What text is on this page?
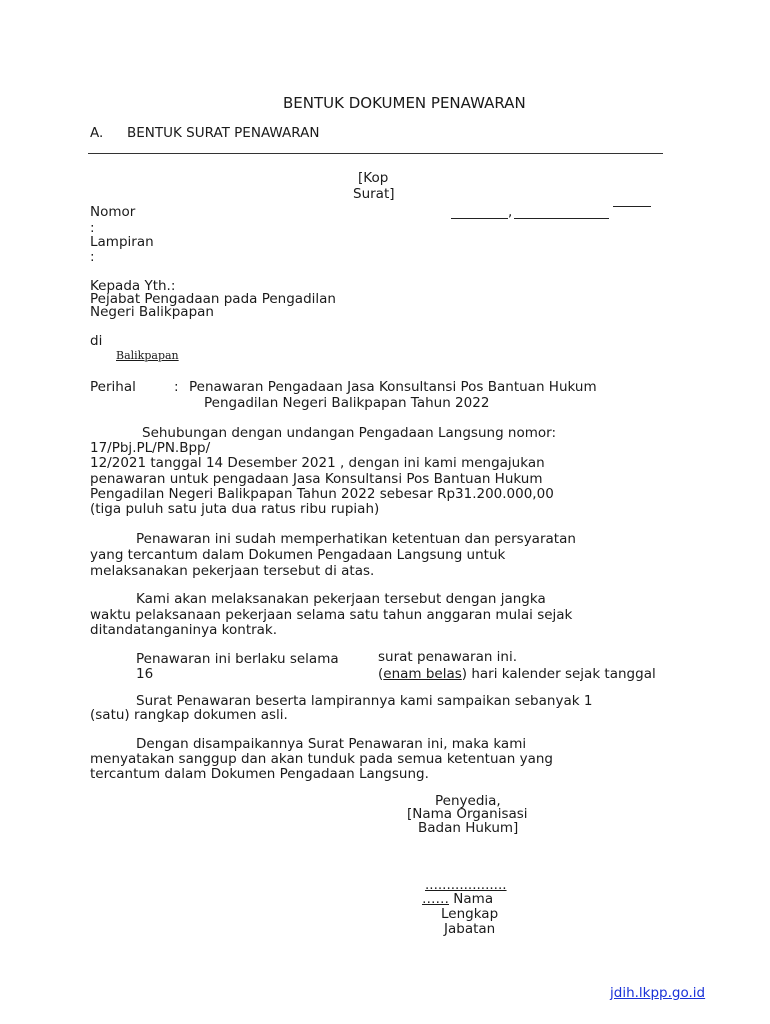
BENTUK DOKUMEN PENAWARAN
A. BENTUK SURAT PENAWARAN
[Kop
Surat]
,
Nomor
:
Lampiran
:
Kepada Yth.:
Pejabat Pengadaan pada Pengadilan
Negeri Balikpapan
di
Balikpapan
Perihal	: Penawaran Pengadaan Jasa Konsultansi Pos Bantuan Hukum
Pengadilan Negeri Balikpapan Tahun 2022
Sehubungan dengan undangan Pengadaan Langsung nomor:
17/Pbj.PL/PN.Bpp/
12/2021 tanggal 14 Desember 2021 , dengan ini kami mengajukan
penawaran untuk pengadaan Jasa Konsultansi Pos Bantuan Hukum
Pengadilan Negeri Balikpapan Tahun 2022 sebesar Rp31.200.000,00
(tiga puluh satu juta dua ratus ribu rupiah)
Penawaran ini sudah memperhatikan ketentuan dan persyaratan
yang tercantum dalam Dokumen Pengadaan Langsung untuk
melaksanakan pekerjaan tersebut di atas.
Kami akan melaksanakan pekerjaan tersebut dengan jangka
waktu pelaksanaan pekerjaan selama satu tahun anggaran mulai sejak
ditandatanganinya kontrak.
Penawaran ini berlaku selama
16
surat penawaran ini.
(enam belas) hari kalender sejak tanggal
Surat Penawaran beserta lampirannya kami sampaikan sebanyak 1
(satu) rangkap dokumen asli.
Dengan disampaikannya Surat Penawaran ini, maka kami
menyatakan sanggup dan akan tunduk pada semua ketentuan yang
tercantum dalam Dokumen Pengadaan Langsung.
Penyedia,
[Nama Organisasi
Badan Hukum]
...................
…… Nama
Lengkap
Jabatan
jdih.lkpp.go.id
